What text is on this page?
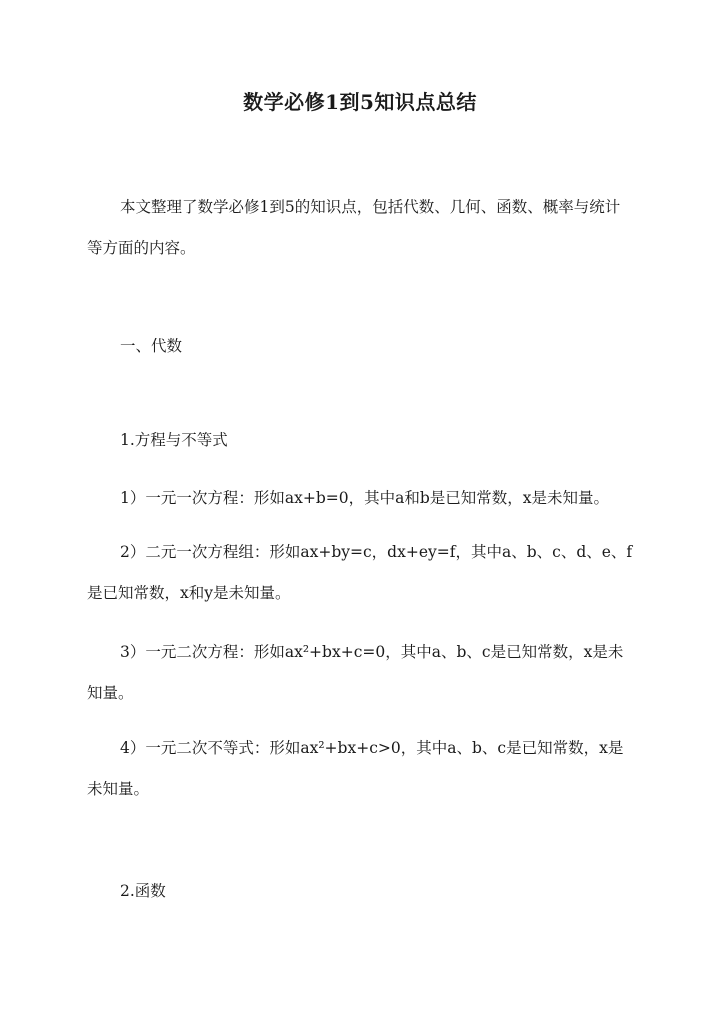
数学必修1到5知识点总结

本文整理了数学必修1到5的知识点，包括代数、几何、函数、概率与统计等方面的内容。

一、代数

1.方程与不等式

1）一元一次方程：形如ax+b=0，其中a和b是已知常数，x是未知量。

2）二元一次方程组：形如ax+by=c，dx+ey=f，其中a、b、c、d、e、f是已知常数，x和y是未知量。

3）一元二次方程：形如ax²+bx+c=0，其中a、b、c是已知常数，x是未知量。

4）一元二次不等式：形如ax²+bx+c>0，其中a、b、c是已知常数，x是未知量。

2.函数
